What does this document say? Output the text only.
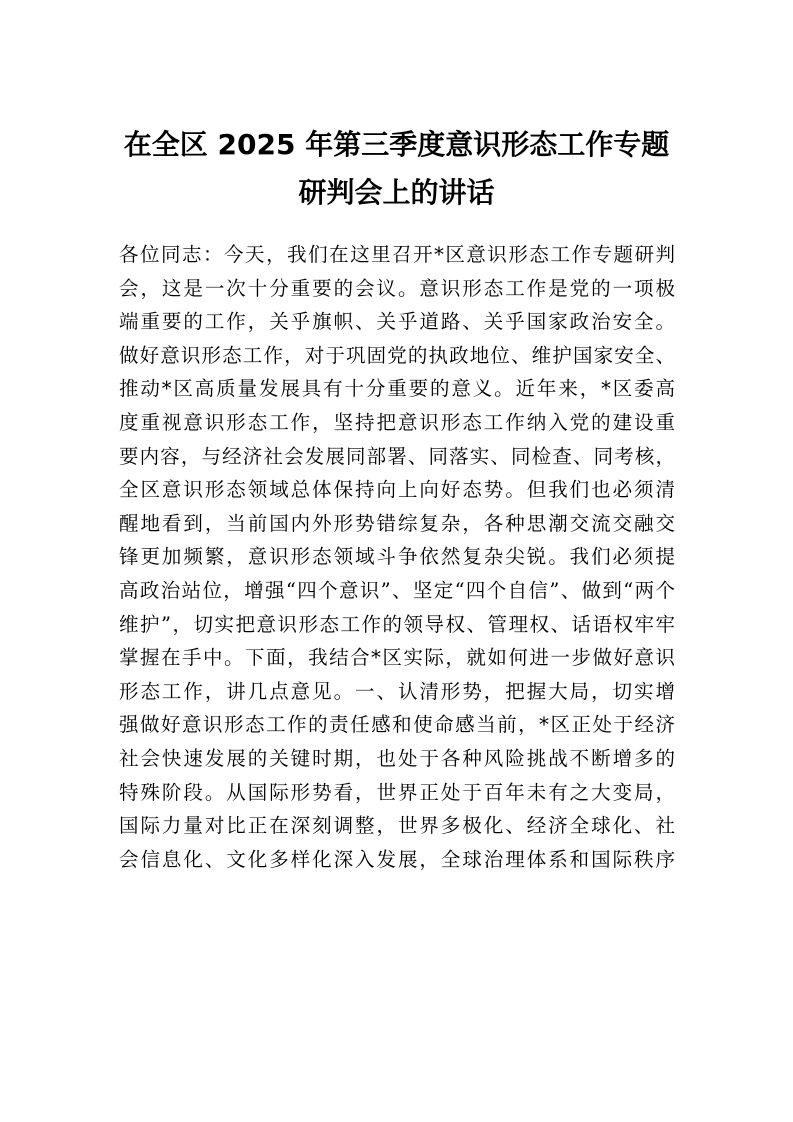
在全区 2025 年第三季度意识形态工作专题
研判会上的讲话
各位同志：今天，我们在这里召开*区意识形态工作专题研判
会，这是一次十分重要的会议。意识形态工作是党的一项极
端重要的工作，关乎旗帜、关乎道路、关乎国家政治安全。
做好意识形态工作，对于巩固党的执政地位、维护国家安全、
推动*区高质量发展具有十分重要的意义。近年来，*区委高
度重视意识形态工作，坚持把意识形态工作纳入党的建设重
要内容，与经济社会发展同部署、同落实、同检查、同考核，
全区意识形态领域总体保持向上向好态势。但我们也必须清
醒地看到，当前国内外形势错综复杂，各种思潮交流交融交
锋更加频繁，意识形态领域斗争依然复杂尖锐。我们必须提
高政治站位，增强“四个意识”、坚定“四个自信”、做到“两个
维护”，切实把意识形态工作的领导权、管理权、话语权牢牢
掌握在手中。下面，我结合*区实际，就如何进一步做好意识
形态工作，讲几点意见。一、认清形势，把握大局，切实增
强做好意识形态工作的责任感和使命感当前，*区正处于经济
社会快速发展的关键时期，也处于各种风险挑战不断增多的
特殊阶段。从国际形势看，世界正处于百年未有之大变局，
国际力量对比正在深刻调整，世界多极化、经济全球化、社
会信息化、文化多样化深入发展，全球治理体系和国际秩序
